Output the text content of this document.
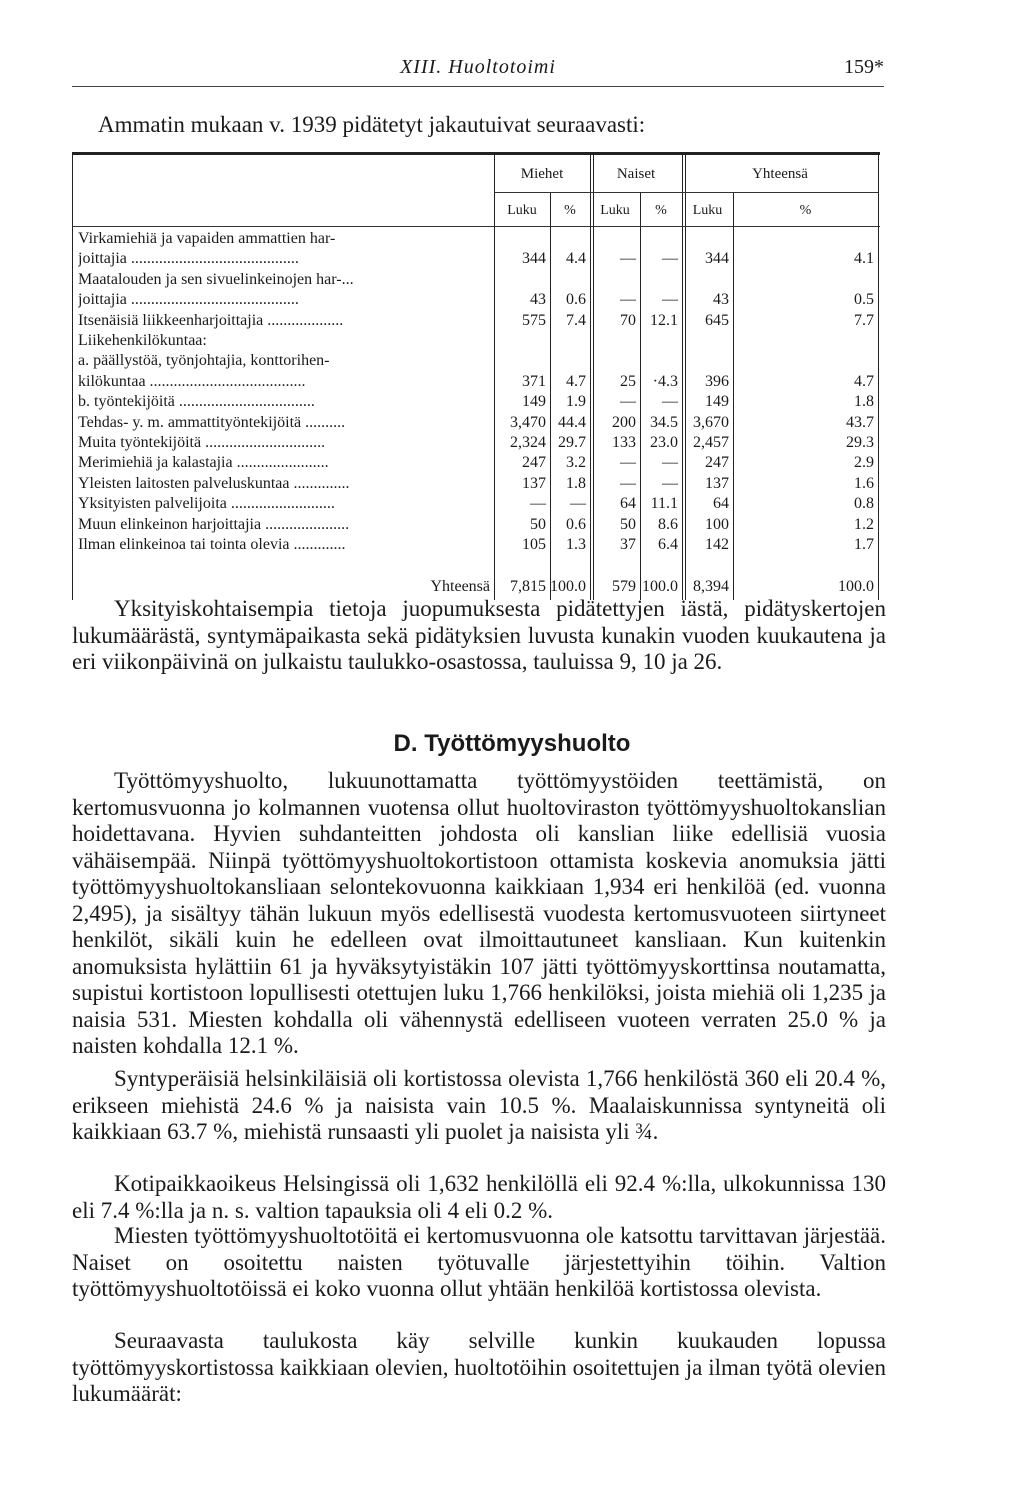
XIII. Huoltotoimi	159*
Ammatin mukaan v. 1939 pidätetyt jakautuivat seuraavasti:
Miehet	Naiset	Yhteensä
Luku	%	Luku	%	Luku	%
Virkamiehiä ja vapaiden ammattien har-
joittajia ..........................................	344	4.4	—	—	344	4.1
Maatalouden ja sen sivuelinkeinojen har-...
joittajia ..........................................	43	0.6	—	—	43	0.5
Itsenäisiä liikkeenharjoittajia ...................	575	7.4	70 12.1	645	7.7
Liikehenkilökuntaa:
a. päällystöä, työnjohtajia, konttorihen-
kilökuntaa .......................................	371	4.7	25	·4.3	396	4.7
b. työntekijöitä ..................................	149	1.9	—	—	149	1.8
Tehdas- y. m. ammattityöntekijöitä ..........	3,470 44.4	200 34.5 3,670	43.7
Muita työntekijöitä ..............................	2,324 29.7	133 23.0 2,457	29.3
Merimiehiä ja kalastajia .......................	247	3.2	—	—	247	2.9
Yleisten laitosten palveluskuntaa ..............	137	1.8	—	—	137	1.6
Yksityisten palvelijoita ..........................	—	—	64 11.1	64	0.8
Muun elinkeinon harjoittajia .....................	50	0.6	50	8.6	100	1.2
Ilman elinkeinoa tai tointa olevia .............	105	1.3	37	6.4	142	1.7
Yhteensä	7,815 100.0	579 100.0 8,394	100.0
Yksityiskohtaisempia tietoja juopumuksesta pidätettyjen iästä, pidätyskertojen lukumäärästä, syntymäpaikasta sekä pidätyksien luvusta kunakin vuoden kuukautena ja eri viikonpäivinä on julkaistu taulukko-osastossa, tauluissa 9, 10 ja 26.
D. Työttömyyshuolto
Työttömyyshuolto, lukuunottamatta työttömyystöiden teettämistä, on kertomusvuonna jo kolmannen vuotensa ollut huoltoviraston työttömyyshuoltokanslian hoidettavana. Hyvien suhdanteitten johdosta oli kanslian liike edellisiä vuosia vähäisempää. Niinpä työttömyyshuoltokortistoon ottamista koskevia anomuksia jätti työttömyyshuoltokansliaan selontekovuonna kaikkiaan 1,934 eri henkilöä (ed. vuonna 2,495), ja sisältyy tähän lukuun myös edellisestä vuodesta kertomusvuoteen siirtyneet henkilöt, sikäli kuin he edelleen ovat ilmoittautuneet kansliaan. Kun kuitenkin anomuksista hylättiin 61 ja hyväksytyistäkin 107 jätti työttömyyskorttinsa noutamatta, supistui kortistoon lopullisesti otettujen luku 1,766 henkilöksi, joista miehiä oli 1,235 ja naisia 531. Miesten kohdalla oli vähennystä edelliseen vuoteen verraten 25.0 % ja naisten kohdalla 12.1 %.
Syntyperäisiä helsinkiläisiä oli kortistossa olevista 1,766 henkilöstä 360 eli 20.4 %, erikseen miehistä 24.6 % ja naisista vain 10.5 %. Maalaiskunnissa syntyneitä oli kaikkiaan 63.7 %, miehistä runsaasti yli puolet ja naisista yli ¾.
Kotipaikkaoikeus Helsingissä oli 1,632 henkilöllä eli 92.4 %:lla, ulkokunnissa 130 eli 7.4 %:lla ja n. s. valtion tapauksia oli 4 eli 0.2 %.
Miesten työttömyyshuoltotöitä ei kertomusvuonna ole katsottu tarvittavan järjestää. Naiset on osoitettu naisten työtuvalle järjestettyihin töihin. Valtion työttömyyshuoltotöissä ei koko vuonna ollut yhtään henkilöä kortistossa olevista.
Seuraavasta taulukosta käy selville kunkin kuukauden lopussa työttömyyskortistossa kaikkiaan olevien, huoltotöihin osoitettujen ja ilman työtä olevien lukumäärät:
